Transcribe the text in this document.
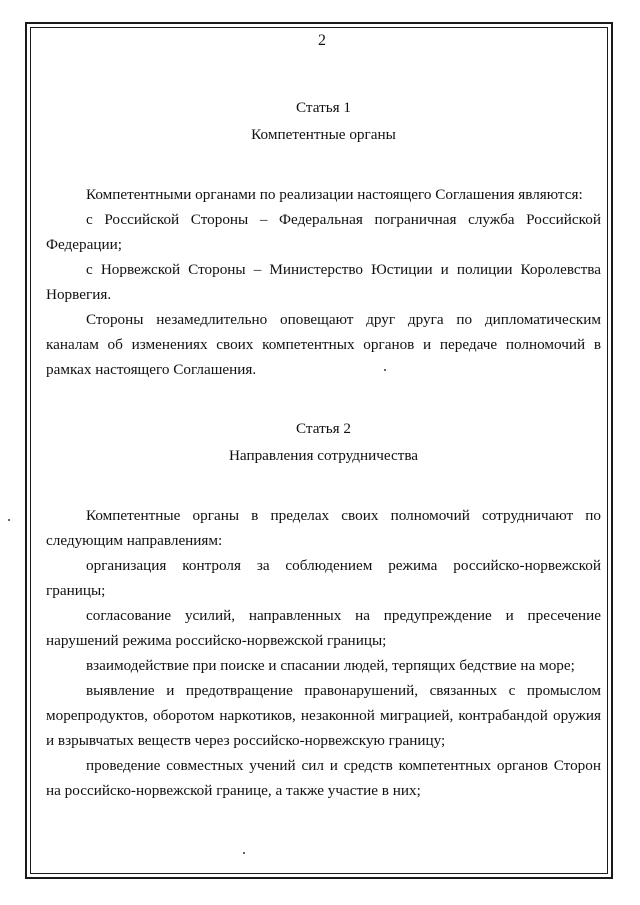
2
Статья 1
Компетентные органы

Компетентными органами по реализации настоящего Соглашения являются:

с Российской Стороны – Федеральная пограничная служба Российской Федерации;

с Норвежской Стороны – Министерство Юстиции и полиции Королевства Норвегия.

Стороны незамедлительно оповещают друг друга по дипломатическим каналам об изменениях своих компетентных органов и передаче полномочий в рамках настоящего Соглашения.

Статья 2
Направления сотрудничества

Компетентные органы в пределах своих полномочий сотрудничают по следующим направлениям:

организация контроля за соблюдением режима российско-норвежской границы;

согласование усилий, направленных на предупреждение и пресечение нарушений режима российско-норвежской границы;

взаимодействие при поиске и спасании людей, терпящих бедствие на море;

выявление и предотвращение правонарушений, связанных с промыслом морепродуктов, оборотом наркотиков, незаконной миграцией, контрабандой оружия и взрывчатых веществ через российско-норвежскую границу;

проведение совместных учений сил и средств компетентных органов Сторон на российско-норвежской границе, а также участие в них;
